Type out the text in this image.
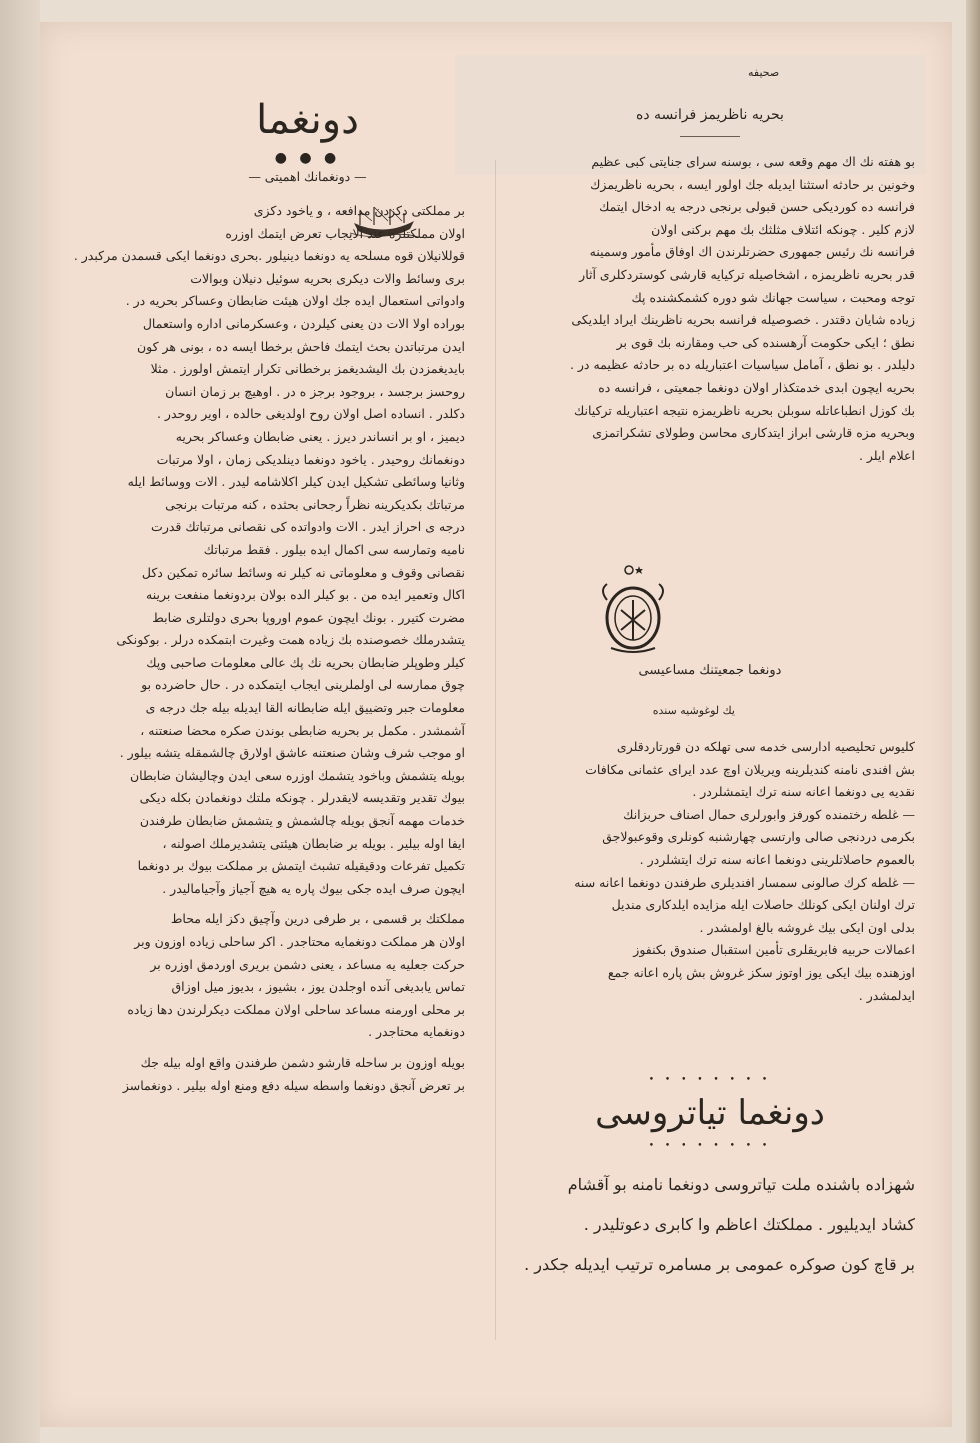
صحیفه
دونغما
● ● ●
— دونغمانك اهمیتی —
بر مملكتی دكزدن مدافعه ، و یاخود دكزی
اولان مملكتلره عند الایجاب تعرض ایتمك اوزره
قوللانیلان قوه مسلحه یه دونغما دینیلور .بحری دونغما ایکی قسمدن مرکبدر .
بری وسائط والات دیکری بحریه سوئیل دنیلان وبوالات
وادواتی استعمال ایده جك اولان هیئت ضابطان وعساکر بحریه در .
بوراده اولا الات دن یعنی کیلردن ، وعسکرمانی اداره واستعمال
ایدن مرتباتدن بحث ایتمك فاحش برخطا ایسه ده ، بونی هر کون
بایدیغمزدن بك الیشدیغمز برخطانی تکرار ایتمش اولورز . مثلا
روحسز برجسد ، بروجود برجز ه در . اوهیچ بر زمان انسان
دکلدر . انساده اصل اولان روح اولدیغی حالده ، اویر روحدر .
دیمیز ، او بر انساندر دیرز . یعنی ضابطان وعساکر بحریه
دونغمانك روحیدر . یاخود دونغما دینلدیکی زمان ، اولا مرتبات
وثانیا وسائطی تشکیل ایدن کیلر اکلاشامه لیدر . الات ووسائط ایله
مرتباتك بکدیکرینه نظراً رجحانی بحثده ، کنه مرتبات برنجی
درجه ی احراز ایدر . الات وادواتده کی نقصانی مرتباتك قدرت
نامیه وتمارسه سی اکمال ایده بیلور . فقط مرتباتك
نقصانی وقوف و معلوماتی نه کیلر نه وسائط سائره تمکین دکل
اکال وتعمیر ایده من . بو کیلر الده بولان بردونغما منفعت برینه
مضرت کتیرر . بونك ایچون عموم اوروپا بحری دولتلری ضابط
یتشدرملك خصوصنده بك زیاده همت وغیرت ابتمکده درلر . بوکونکی
کیلر وطوپلر ضابطان بحریه نك پك عالی معلومات صاحبی وپك
چوق ممارسه لی اولملرینی ایجاب ایتمکده در . حال حاضرده بو
معلومات جبر وتضییق ایله ضابطانه القا ایدیله بیله جك درجه ی
آشمشدر . مکمل بر بحریه ضابطی بوندن صکره محضا صنعتنه ،
او موجب شرف وشان صنعتنه عاشق اولارق چالشمقله یتشه بیلور .
بویله یتشمش وباخود یتشمك اوزره سعی ایدن وچالیشان ضابطان
بیوك تقدیر وتقدیسه لایقدرلر . چونکه ملتك دونغمادن بکله دیکی
خدمات مهمه آنجق بویله چالشمش و یتشمش ضابطان طرفندن
ایفا اوله بیلیر . بویله بر ضابطان هیئتی یتشدیرملك اصولنه ،
تکمیل تفرعات ودقیقیله تشبث ایتمش بر مملکت بیوك بر دونغما
ایچون صرف ایده جکی بیوك پاره یه هیچ آجیاز وآجیامالیدر .
مملکتك بر قسمی ، بر طرفی درین وآچیق دکز ایله محاط
اولان هر مملکت دونغمایه محتاجدر . اکر ساحلی زیاده اوزون وبر
حرکت جعلیه یه مساعد ، یعنی دشمن بریری اوردمق اوزره بر
تماس یابدیغی آنده اوجلدن یوز ، بشیوز ، بدیوز میل اوزاق
بر محلی اورمنه مساعد ساحلی اولان مملکت دیکرلرندن دها زیاده
دونغمایه محتاجدر .
بویله اوزون بر ساحله قارشو دشمن طرفندن واقع اوله بیله جك
بر تعرض آنجق دونغما واسطه سیله دفع ومنع اوله بیلیر . دونغماسز
بحریه ناظریمز فرانسه ده
بو هفته نك اك مهم وقعه سی ، بوسنه سرای جنایتی کبی عظیم
وخونین بر حادثه استثنا ایدیله جك اولور ایسه ، بحریه ناظریمزك
فرانسه ده کوردیکی حسن قبولی برنجی درجه یه ادخال ایتمك
لازم کلیر . چونکه ائتلاف مثلثك بك مهم برکنی اولان
فرانسه نك رئیس جمهوری حضرتلرندن اك اوفاق مأمور وسمینه
قدر بحریه ناظریمزه ، اشخاصیله ترکیایه قارشی کوستردکلری آثار
توجه ومحبت ، سیاست جهانك شو دوره کشمکشنده پك
زیاده شایان دقتدر . خصوصیله فرانسه بحریه ناظرینك ایراد ایلدیکی
نطق ؛ ایکی حکومت آرهسنده کی حب ومقارنه بك قوی بر
دلیلدر . بو نطق ، آمامل سیاسیات اعتباریله ده بر حادثه عظیمه در .
بحریه ایچون ابدی خدمتکذار اولان دونغما جمعیتی ، فرانسه ده
بك کوزل انطباعاتله سوبلن بحریه ناظریمزه نتیجه اعتباریله ترکیانك
وبحریه مزه قارشی ابراز ایتدکاری محاسن وطولای تشکراتمزی
اعلام ایلر .
دونغما جمعیتنك مساعیسی
یك لوغوشیه سنده
کلیوس تحلیصیه ادارسی خدمه سی تهلکه دن قورتاردقلری
بش افندی نامنه کندیلرینه ویریلان اوچ عدد ایرای عثمانی مکافات
نقدیه یی دونغما اعانه سنه ترك ایتمشلردر .
— غلطه رختمنده کورفز وابورلری حمال اصناف حربزانك
بکرمی دردنجی صالی وارتسی چهارشنبه کونلری وقوعبولاجق
بالعموم حاصلاتلرینی دونغما اعانه سنه ترك ایتشلردر .
— غلطه کرك صالونی سمسار افندیلری طرفندن دونغما اعانه سنه
ترك اولنان ایکی کونلك حاصلات ایله مزایده ایلدکاری مندیل
بدلی اون ایکی بیك غروشه بالغ اولمشدر .
اعمالات حربیه فابریقلری تأمین استقبال صندوق بکنفوز
اوزهنده بیك ایکی یوز اوتوز سکز غروش بش پاره اعانه جمع
ایدلمشدر .
• • • • • • • •
دونغما تیاتروسی
• • • • • • • •
شهزاده باشنده ملت تیاتروسی دونغما نامنه بو آقشام
کشاد ایدیلیور . مملکتك اعاظم وا کابری دعوتلیدر .
بر قاچ کون صوکره عمومی بر مسامره ترتیب ایدیله جکدر .
